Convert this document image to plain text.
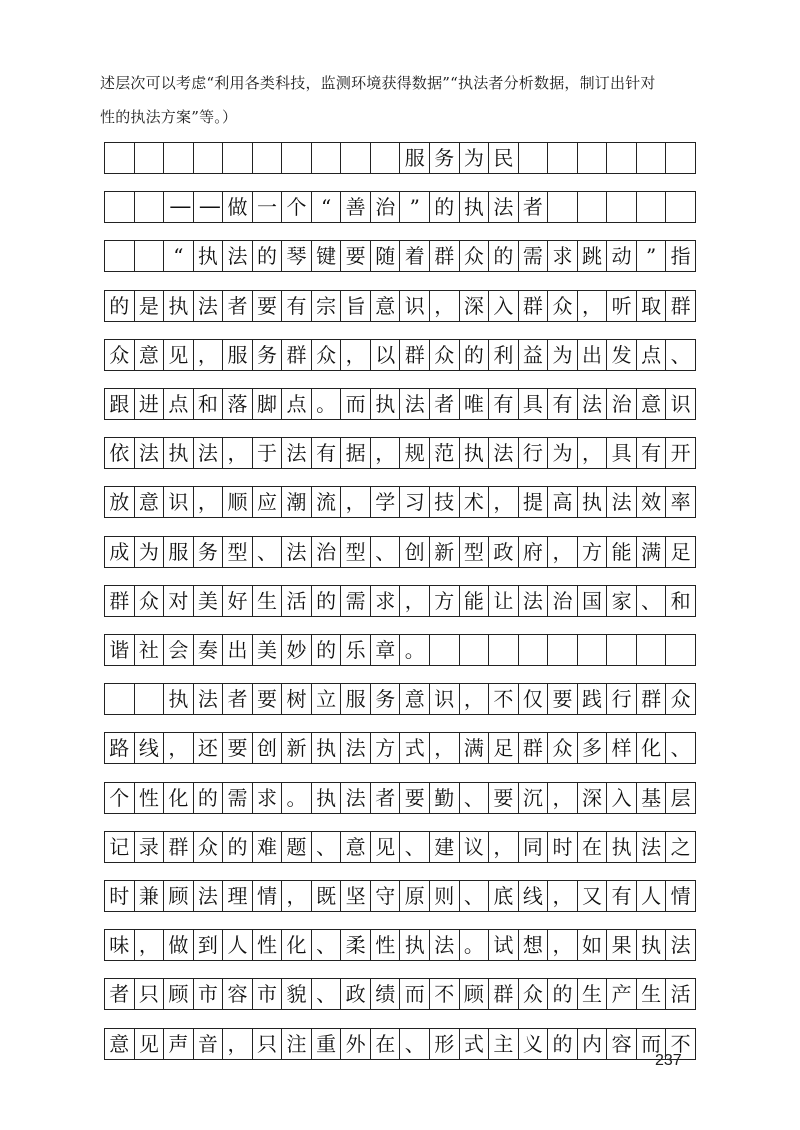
述层次可以考虑“利用各类科技，监测环境获得数据”“执法者分析数据，制订出针对

性的执法方案”等。）

服 务 为 民
— — 做 一 个 “ 善 治 ” 的 执 法 者
“ 执 法 的 琴 键 要 随 着 群 众 的 需 求 跳 动 ” 指
的 是 执 法 者 要 有 宗 旨 意 识 ， 深 入 群 众 ， 听 取 群
众 意 见 ， 服 务 群 众 ， 以 群 众 的 利 益 为 出 发 点 、
跟 进 点 和 落 脚 点 。 而 执 法 者 唯 有 具 有 法 治 意 识
依 法 执 法 ， 于 法 有 据 ， 规 范 执 法 行 为 ， 具 有 开
放 意 识 ， 顺 应 潮 流 ， 学 习 技 术 ， 提 高 执 法 效 率
成 为 服 务 型 、 法 治 型 、 创 新 型 政 府 ， 方 能 满 足
群 众 对 美 好 生 活 的 需 求 ， 方 能 让 法 治 国 家 、 和
谐 社 会 奏 出 美 妙 的 乐 章 。
执 法 者 要 树 立 服 务 意 识 ， 不 仅 要 践 行 群 众
路 线 ， 还 要 创 新 执 法 方 式 ， 满 足 群 众 多 样 化 、
个 性 化 的 需 求 。 执 法 者 要 勤 、 要 沉 ， 深 入 基 层
记 录 群 众 的 难 题 、 意 见 、 建 议 ， 同 时 在 执 法 之
时 兼 顾 法 理 情 ， 既 坚 守 原 则 、 底 线 ， 又 有 人 情
味 ， 做 到 人 性 化 、 柔 性 执 法 。 试 想 ， 如 果 执 法
者 只 顾 市 容 市 貌 、 政 绩 而 不 顾 群 众 的 生 产 生 活
意 见 声 音 ， 只 注 重 外 在 、 形 式 主 义 的 内 容 而 不
237
